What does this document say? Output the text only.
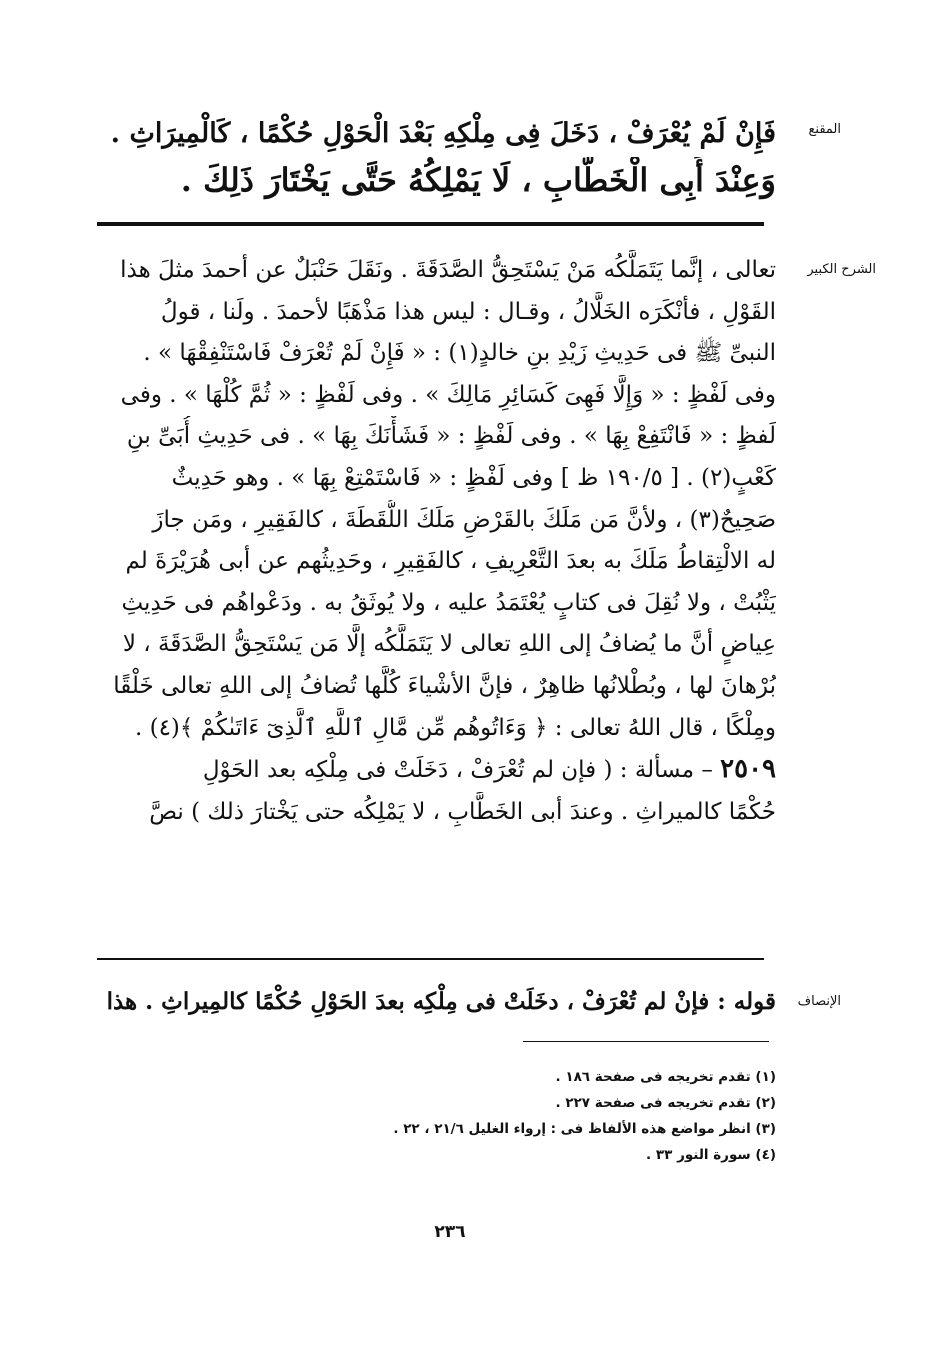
المقنع
فَإِنْ لَمْ يُعْرَفْ ، دَخَلَ فِى مِلْكِهِ بَعْدَ الْحَوْلِ حُكْمًا ، كَالْمِيرَاثِ .
وَعِنْدَ أَبِى الْخَطَّابِ ، لَا يَمْلِكُهُ حَتَّى يَخْتَارَ ذَلِكَ .
الشرح الكبير
تعالى ، إنَّما يَتَمَلَّكُه مَنْ يَسْتَحِقُّ الصَّدَقَةَ . ونَقَلَ حَنْبَلٌ عن أحمدَ مثلَ هذا
القَوْلِ ، فأنْكَرَه الخَلَّالُ ، وقـال : ليس هذا مَذْهَبًا لأحمدَ . ولَنا ، قولُ
النبىِّ ﷺ فى حَدِيثِ زَيْدِ بنِ خالدٍ(١) : « فَإِنْ لَمْ تُعْرَفْ فَاسْتَنْفِقْهَا » .
وفى لَفْظٍ : « وَإِلَّا فَهِىَ كَسَائِرِ مَالِكَ » . وفى لَفْظٍ : « ثُمَّ كُلْهَا » . وفى
لَفظٍ : « فَانْتَفِعْ بِهَا » . وفى لَفْظٍ : « فَشَأْنَكَ بِهَا » . فى حَدِيثِ أُبَىِّ بنِ
كَعْبٍ(٢) . [ ١٩٠/٥ ظ ] وفى لَفْظٍ : « فَاسْتَمْتِعْ بِهَا » . وهو حَدِيثٌ
صَحِيحٌ(٣) ، ولأنَّ مَن مَلَكَ بالقَرْضِ مَلَكَ اللُّقَطَةَ ، كالفَقِيرِ ، ومَن جازَ
له الالْتِقاطُ مَلَكَ به بعدَ التَّعْرِيفِ ، كالفَقِيرِ ، وحَدِيثُهم عن أبى هُرَيْرَةَ لم
يَثْبُتْ ، ولا نُقِلَ فى كتابٍ يُعْتَمَدُ عليه ، ولا يُوثَقُ به . ودَعْواهُم فى حَدِيثِ
عِياضٍ أنَّ ما يُضافُ إلى اللهِ تعالى لا يَتَمَلَّكُه إلَّا مَن يَسْتَحِقُّ الصَّدَقَةَ ، لا
بُرْهانَ لها ، وبُطْلانُها ظاهِرٌ ، فإنَّ الأشْياءَ كُلَّها تُضافُ إلى اللهِ تعالى خَلْقًا
ومِلْكًا ، قال اللهُ تعالى : ﴿ وَءَاتُوهُم مِّن مَّالِ ٱللَّهِ ٱلَّذِىٓ ءَاتَىٰكُمْ ﴾(٤) .
٢٥٠٩ – مسألة : ( فإن لم تُعْرَفْ ، دَخَلَتْ فى مِلْكِه بعد الحَوْلِ
حُكْمًا كالميراثِ . وعندَ أبى الخَطَّابِ ، لا يَمْلِكُه حتى يَخْتارَ ذلك ) نصَّ
الإنصاف
قوله : فإنْ لم تُعْرَفْ ، دخَلَتْ فى مِلْكِه بعدَ الحَوْلِ حُكْمًا كالمِيراثِ . هذا
(١) تقدم تخريجه فى صفحة ١٨٦ .
(٢) تقدم تخريجه فى صفحة ٢٢٧ .
(٣) انظر مواضع هذه الألفاظ فى : إرواء الغليل ٢١/٦ ، ٢٢ .
(٤) سورة النور ٣٣ .
٢٣٦
